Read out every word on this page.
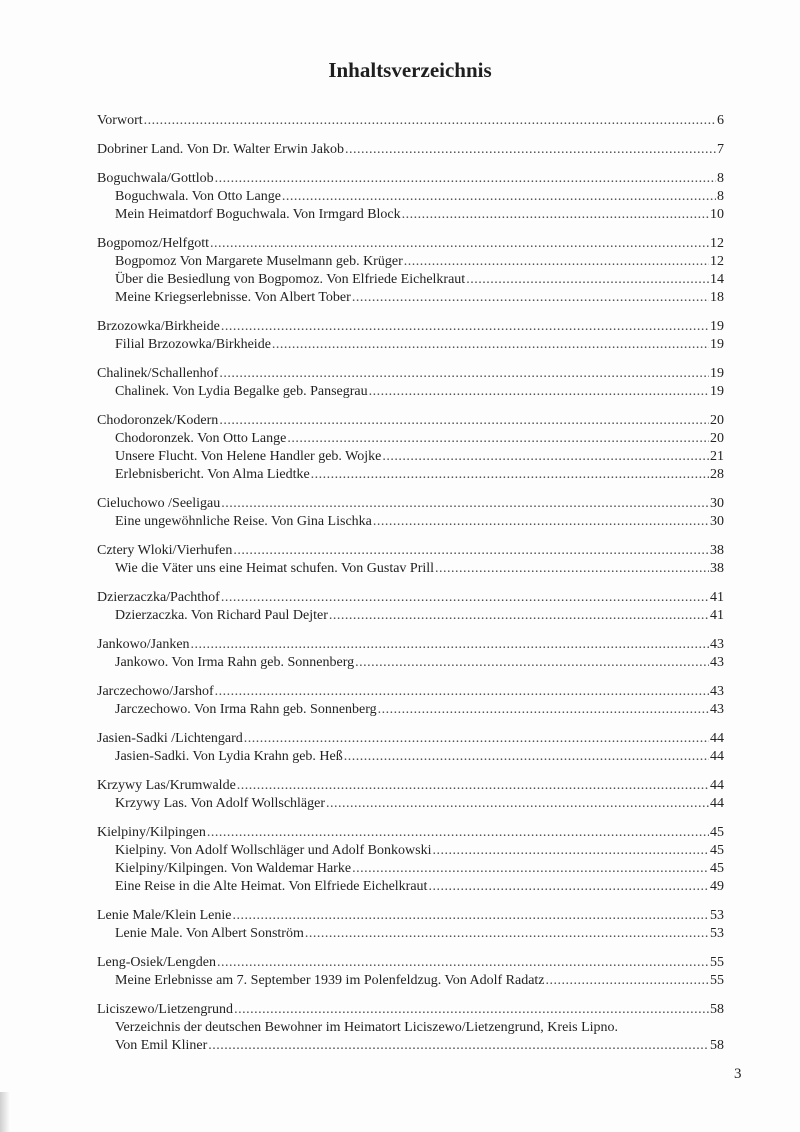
Inhaltsverzeichnis
Vorwort .....	6
Dobriner Land. Von Dr. Walter Erwin Jakob .....	7
Boguchwala/Gottlob .....	8
Boguchwala. Von Otto Lange .....	8
Mein Heimatdorf Boguchwala. Von Irmgard Block .....	10
Bogpomoz/Helfgott .....	12
Bogpomoz Von Margarete Muselmann geb. Krüger .....	12
Über die Besiedlung von Bogpomoz. Von Elfriede Eichelkraut .....	14
Meine Kriegserlebnisse. Von Albert Tober .....	18
Brzozowka/Birkheide .....	19
Filial Brzozowka/Birkheide .....	19
Chalinek/Schallenhof .....	19
Chalinek. Von Lydia Begalke geb. Pansegrau .....	19
Chodoronzek/Kodern .....	20
Chodoronzek. Von Otto Lange .....	20
Unsere Flucht. Von Helene Handler geb. Wojke .....	21
Erlebnisbericht. Von Alma Liedtke .....	28
Cieluchowo /Seeligau .....	30
Eine ungewöhnliche Reise. Von Gina Lischka .....	30
Cztery Wloki/Vierhufen .....	38
Wie die Väter uns eine Heimat schufen. Von Gustav Prill .....	38
Dzierzaczka/Pachthof .....	41
Dzierzaczka. Von Richard Paul Dejter .....	41
Jankowo/Janken .....	43
Jankowo. Von Irma Rahn geb. Sonnenberg .....	43
Jarczechowo/Jarshof .....	43
Jarczechowo. Von Irma Rahn geb. Sonnenberg .....	43
Jasien-Sadki /Lichtengard .....	44
Jasien-Sadki. Von Lydia Krahn geb. Heß .....	44
Krzywy Las/Krumwalde .....	44
Krzywy Las. Von Adolf Wollschläger .....	44
Kielpiny/Kilpingen .....	45
Kielpiny. Von Adolf Wollschläger und Adolf Bonkowski .....	45
Kielpiny/Kilpingen. Von Waldemar Harke .....	45
Eine Reise in die Alte Heimat. Von Elfriede Eichelkraut .....	49
Lenie Male/Klein Lenie .....	53
Lenie Male. Von Albert Sonström .....	53
Leng-Osiek/Lengden .....	55
Meine Erlebnisse am 7. September 1939 im Polenfeldzug. Von Adolf Radatz .....	55
Liciszewo/Lietzengrund .....	58
Verzeichnis der deutschen Bewohner im Heimatort Liciszewo/Lietzengrund, Kreis Lipno.
Von Emil Kliner .....	58
3
